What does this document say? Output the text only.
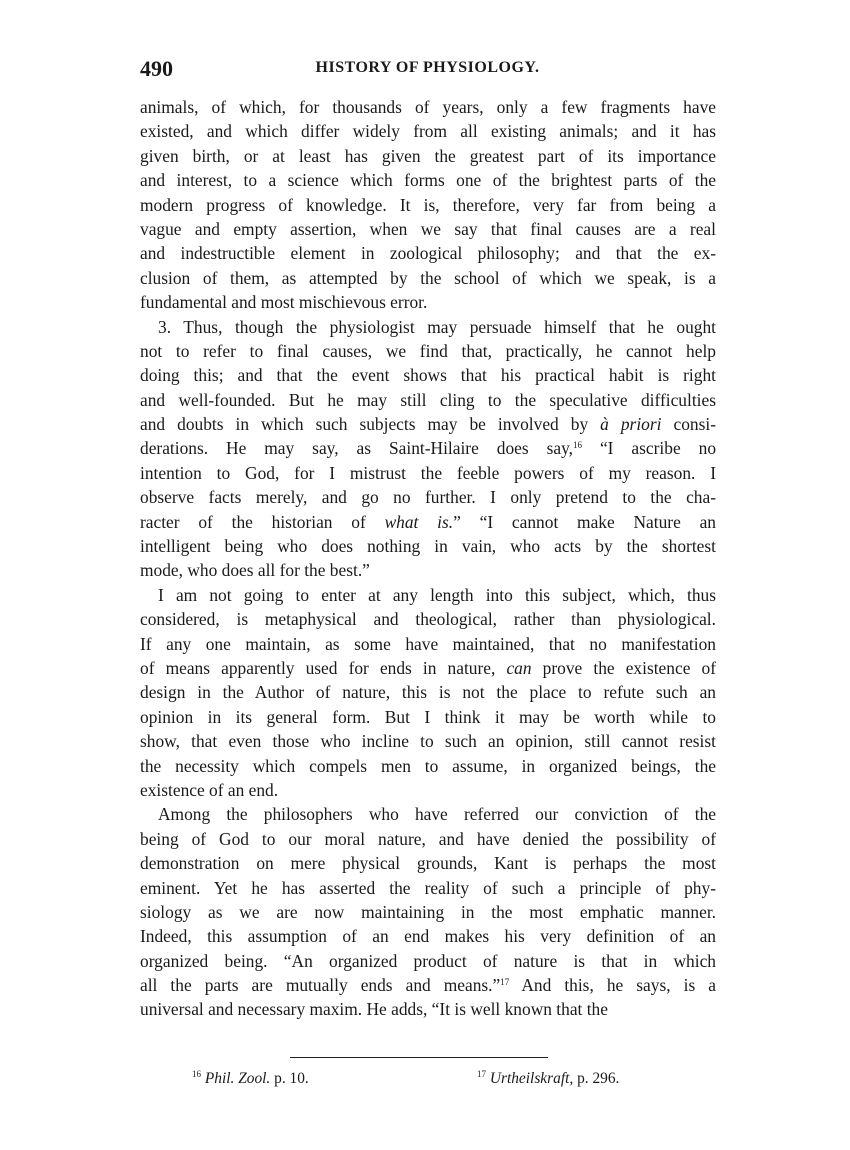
490	HISTORY OF PHYSIOLOGY.
animals, of which, for thousands of years, only a few fragments have
existed, and which differ widely from all existing animals; and it has
given birth, or at least has given the greatest part of its importance
and interest, to a science which forms one of the brightest parts of the
modern progress of knowledge. It is, therefore, very far from being a
vague and empty assertion, when we say that final causes are a real
and indestructible element in zoological philosophy; and that the ex-
clusion of them, as attempted by the school of which we speak, is a
fundamental and most mischievous error.
3. Thus, though the physiologist may persuade himself that he ought
not to refer to final causes, we find that, practically, he cannot help
doing this; and that the event shows that his practical habit is right
and well-founded. But he may still cling to the speculative difficulties
and doubts in which such subjects may be involved by à priori consi-
derations. He may say, as Saint-Hilaire does say,$^{16}$ “I ascribe no
intention to God, for I mistrust the feeble powers of my reason. I
observe facts merely, and go no further. I only pretend to the cha-
racter of the historian of what is.” “I cannot make Nature an
intelligent being who does nothing in vain, who acts by the shortest
mode, who does all for the best.”
I am not going to enter at any length into this subject, which, thus
considered, is metaphysical and theological, rather than physiological.
If any one maintain, as some have maintained, that no manifestation
of means apparently used for ends in nature, can prove the existence of
design in the Author of nature, this is not the place to refute such an
opinion in its general form. But I think it may be worth while to
show, that even those who incline to such an opinion, still cannot resist
the necessity which compels men to assume, in organized beings, the
existence of an end.
Among the philosophers who have referred our conviction of the
being of God to our moral nature, and have denied the possibility of
demonstration on mere physical grounds, Kant is perhaps the most
eminent. Yet he has asserted the reality of such a principle of phy-
siology as we are now maintaining in the most emphatic manner.
Indeed, this assumption of an end makes his very definition of an
organized being. “An organized product of nature is that in which
all the parts are mutually ends and means.”$^{17}$ And this, he says, is a
universal and necessary maxim. He adds, “It is well known that the
$^{16}$ Phil. Zool. p. 10.	$^{17}$ Urtheilskraft, p. 296.
